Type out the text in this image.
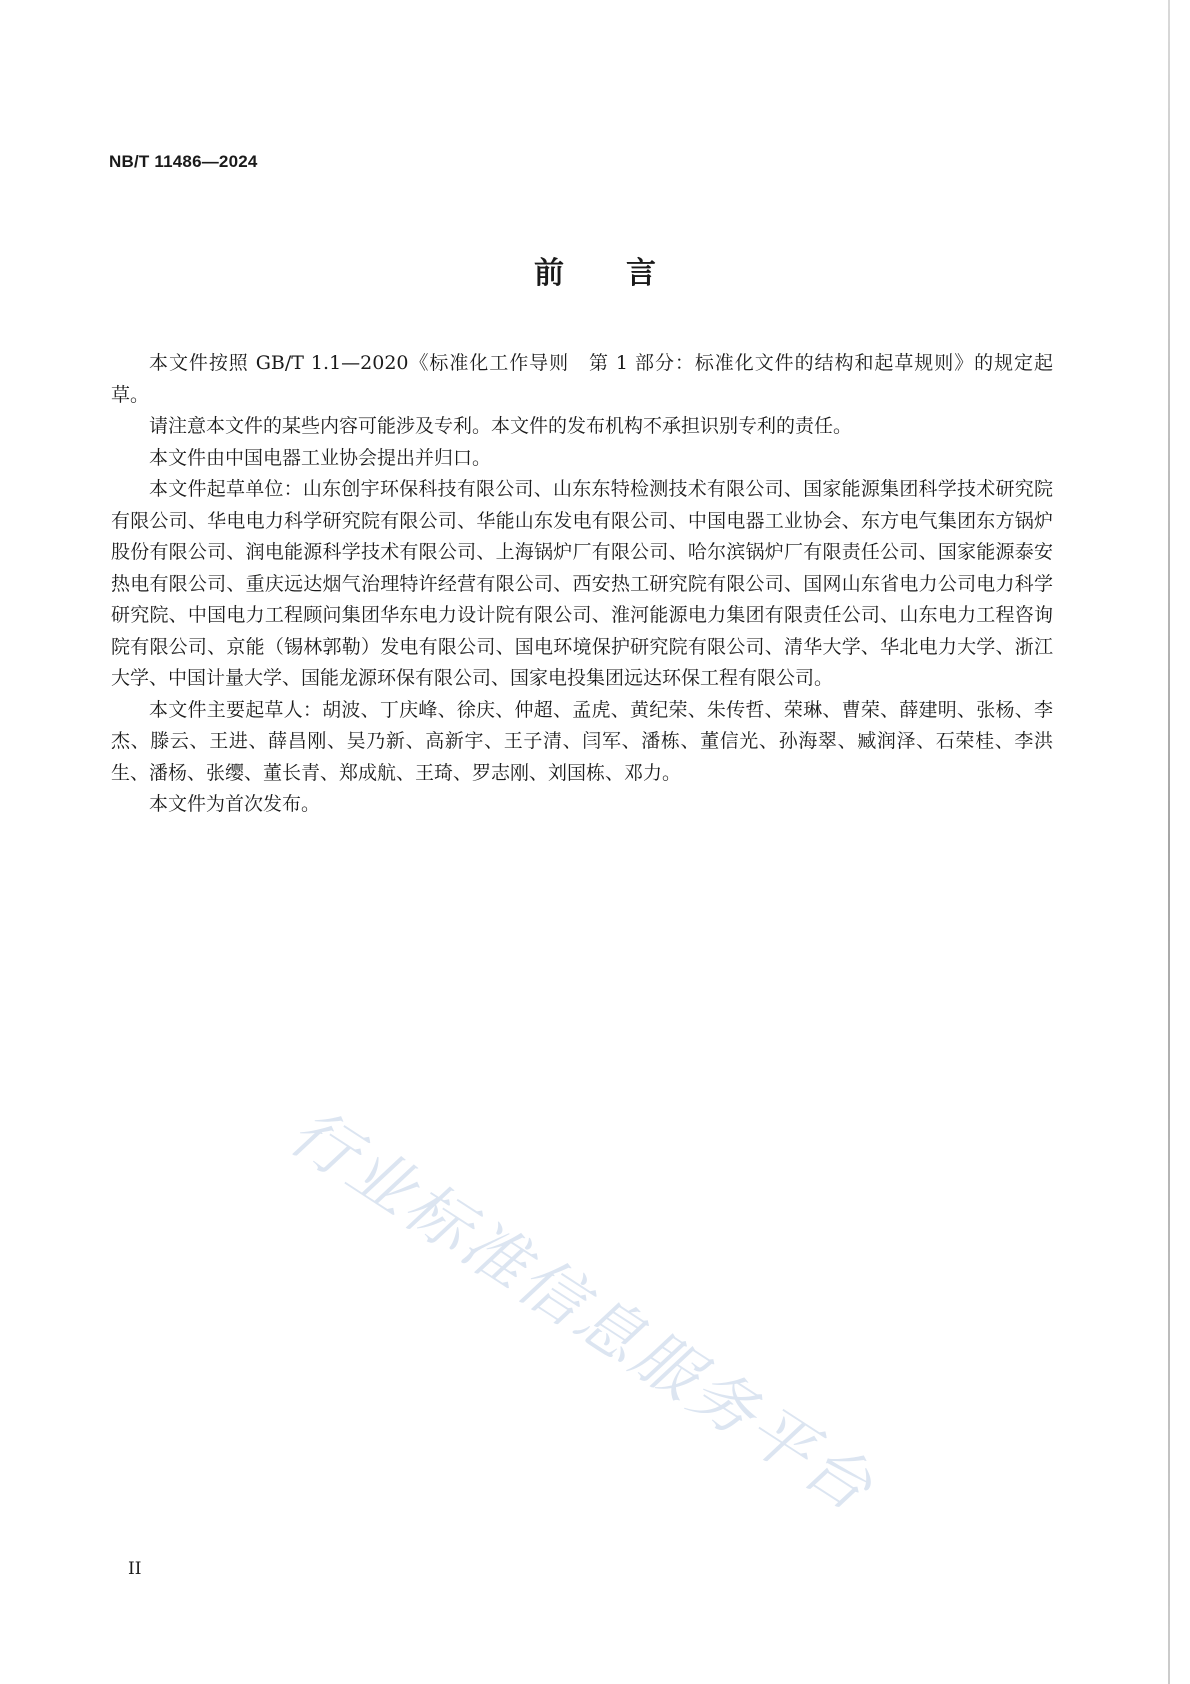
NB/T 11486—2024
前言

本文件按照 GB/T 1.1—2020《标准化工作导则　第 1 部分：标准化文件的结构和起草规则》的规定起草。

请注意本文件的某些内容可能涉及专利。本文件的发布机构不承担识别专利的责任。

本文件由中国电器工业协会提出并归口。

本文件起草单位：山东创宇环保科技有限公司、山东东特检测技术有限公司、国家能源集团科学技术研究院有限公司、华电电力科学研究院有限公司、华能山东发电有限公司、中国电器工业协会、东方电气集团东方锅炉股份有限公司、润电能源科学技术有限公司、上海锅炉厂有限公司、哈尔滨锅炉厂有限责任公司、国家能源泰安热电有限公司、重庆远达烟气治理特许经营有限公司、西安热工研究院有限公司、国网山东省电力公司电力科学研究院、中国电力工程顾问集团华东电力设计院有限公司、淮河能源电力集团有限责任公司、山东电力工程咨询院有限公司、京能（锡林郭勒）发电有限公司、国电环境保护研究院有限公司、清华大学、华北电力大学、浙江大学、中国计量大学、国能龙源环保有限公司、国家电投集团远达环保工程有限公司。

本文件主要起草人：胡波、丁庆峰、徐庆、仲超、孟虎、黄纪荣、朱传哲、荣琳、曹荣、薛建明、张杨、李杰、滕云、王进、薛昌刚、吴乃新、高新宇、王子清、闫军、潘栋、董信光、孙海翠、臧润泽、石荣桂、李洪生、潘杨、张缨、董长青、郑成航、王琦、罗志刚、刘国栋、邓力。

本文件为首次发布。

行业标准信息服务平台
II
